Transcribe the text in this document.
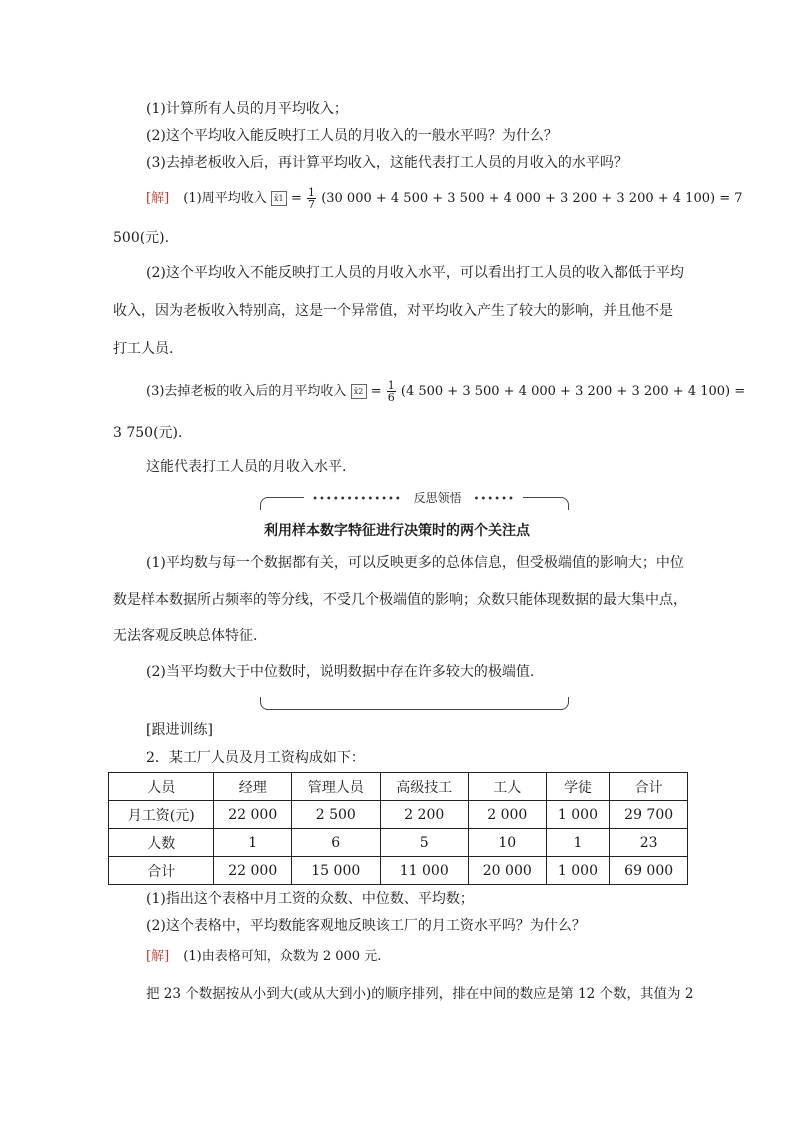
(1)计算所有人员的月平均收入；
(2)这个平均收入能反映打工人员的月收入的一般水平吗？为什么？
(3)去掉老板收入后，再计算平均收入，这能代表打工人员的月收入的水平吗？
[解] (1)周平均收入 x̄1 = $\frac{1}{7} (30$ 000 + 4 500 + 3 500 + 4 000 + 3 200 + 3 200 + 4 100) = 7
500(元).
(2)这个平均收入不能反映打工人员的月收入水平，可以看出打工人员的收入都低于平均
收入，因为老板收入特别高，这是一个异常值，对平均收入产生了较大的影响，并且他不是
打工人员.
(3)去掉老板的收入后的月平均收入 x̄2 = $\frac{1}{6} (4$ 500 + 3 500 + 4 000 + 3 200 + 3 200 + 4 100) =
3 750(元).
这能代表打工人员的月收入水平.
••••••••••••• 反思领悟 ••••••
利用样本数字特征进行决策时的两个关注点
(1)平均数与每一个数据都有关，可以反映更多的总体信息，但受极端值的影响大；中位
数是样本数据所占频率的等分线，不受几个极端值的影响；众数只能体现数据的最大集中点，
无法客观反映总体特征.
(2)当平均数大于中位数时，说明数据中存在许多较大的极端值.
[跟进训练]
2．某工厂人员及月工资构成如下：
人员	经理	管理人员	高级技工	工人	学徒	合计
月工资(元)	22 000	2 500	2 200	2 000	1 000	29 700
人数	1	6	5	10	1	23
合计	22 000	15 000	11 000	20 000	1 000	69 000
(1)指出这个表格中月工资的众数、中位数、平均数；
(2)这个表格中，平均数能客观地反映该工厂的月工资水平吗？为什么？
[解] (1)由表格可知，众数为 2 000 元.
把 23 个数据按从小到大(或从大到小)的顺序排列，排在中间的数应是第 12 个数，其值为 2
